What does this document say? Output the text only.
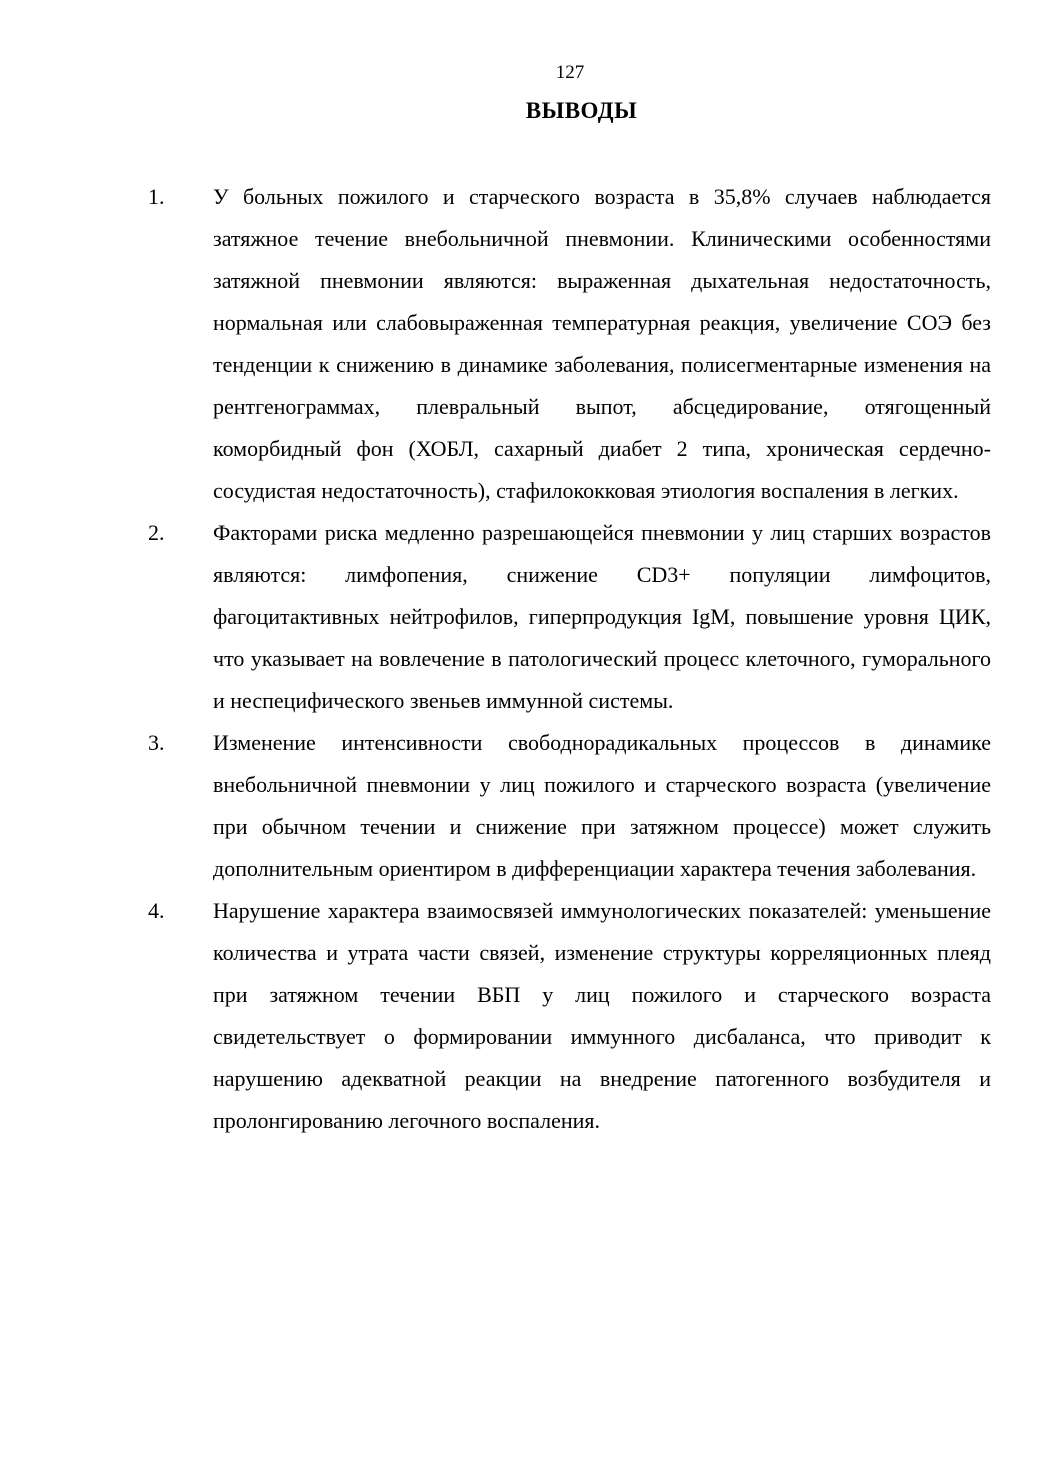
127
ВЫВОДЫ
1. У больных пожилого и старческого возраста в 35,8% случаев наблюдается затяжное течение внебольничной пневмонии. Клиническими особенностями затяжной пневмонии являются: выраженная дыхательная недостаточность, нормальная или слабовыраженная температурная реакция, увеличение СОЭ без тенденции к снижению в динамике заболевания, полисегментарные изменения на рентгенограммах, плевральный выпот, абсцедирование, отягощенный коморбидный фон (ХОБЛ, сахарный диабет 2 типа, хроническая сердечно-сосудистая недостаточность), стафилококковая этиология воспаления в легких.
2. Факторами риска медленно разрешающейся пневмонии у лиц старших возрастов являются: лимфопения, снижение CD3+ популяции лимфоцитов, фагоцитактивных нейтрофилов, гиперпродукция IgM, повышение уровня ЦИК, что указывает на вовлечение в патологический процесс клеточного, гуморального и неспецифического звеньев иммунной системы.
3. Изменение интенсивности свободнорадикальных процессов в динамике внебольничной пневмонии у лиц пожилого и старческого возраста (увеличение при обычном течении и снижение при затяжном процессе) может служить дополнительным ориентиром в дифференциации характера течения заболевания.
4. Нарушение характера взаимосвязей иммунологических показателей: уменьшение количества и утрата части связей, изменение структуры корреляционных плеяд при затяжном течении ВБП у лиц пожилого и старческого возраста свидетельствует о формировании иммунного дисбаланса, что приводит к нарушению адекватной реакции на внедрение патогенного возбудителя и пролонгированию легочного воспаления.
